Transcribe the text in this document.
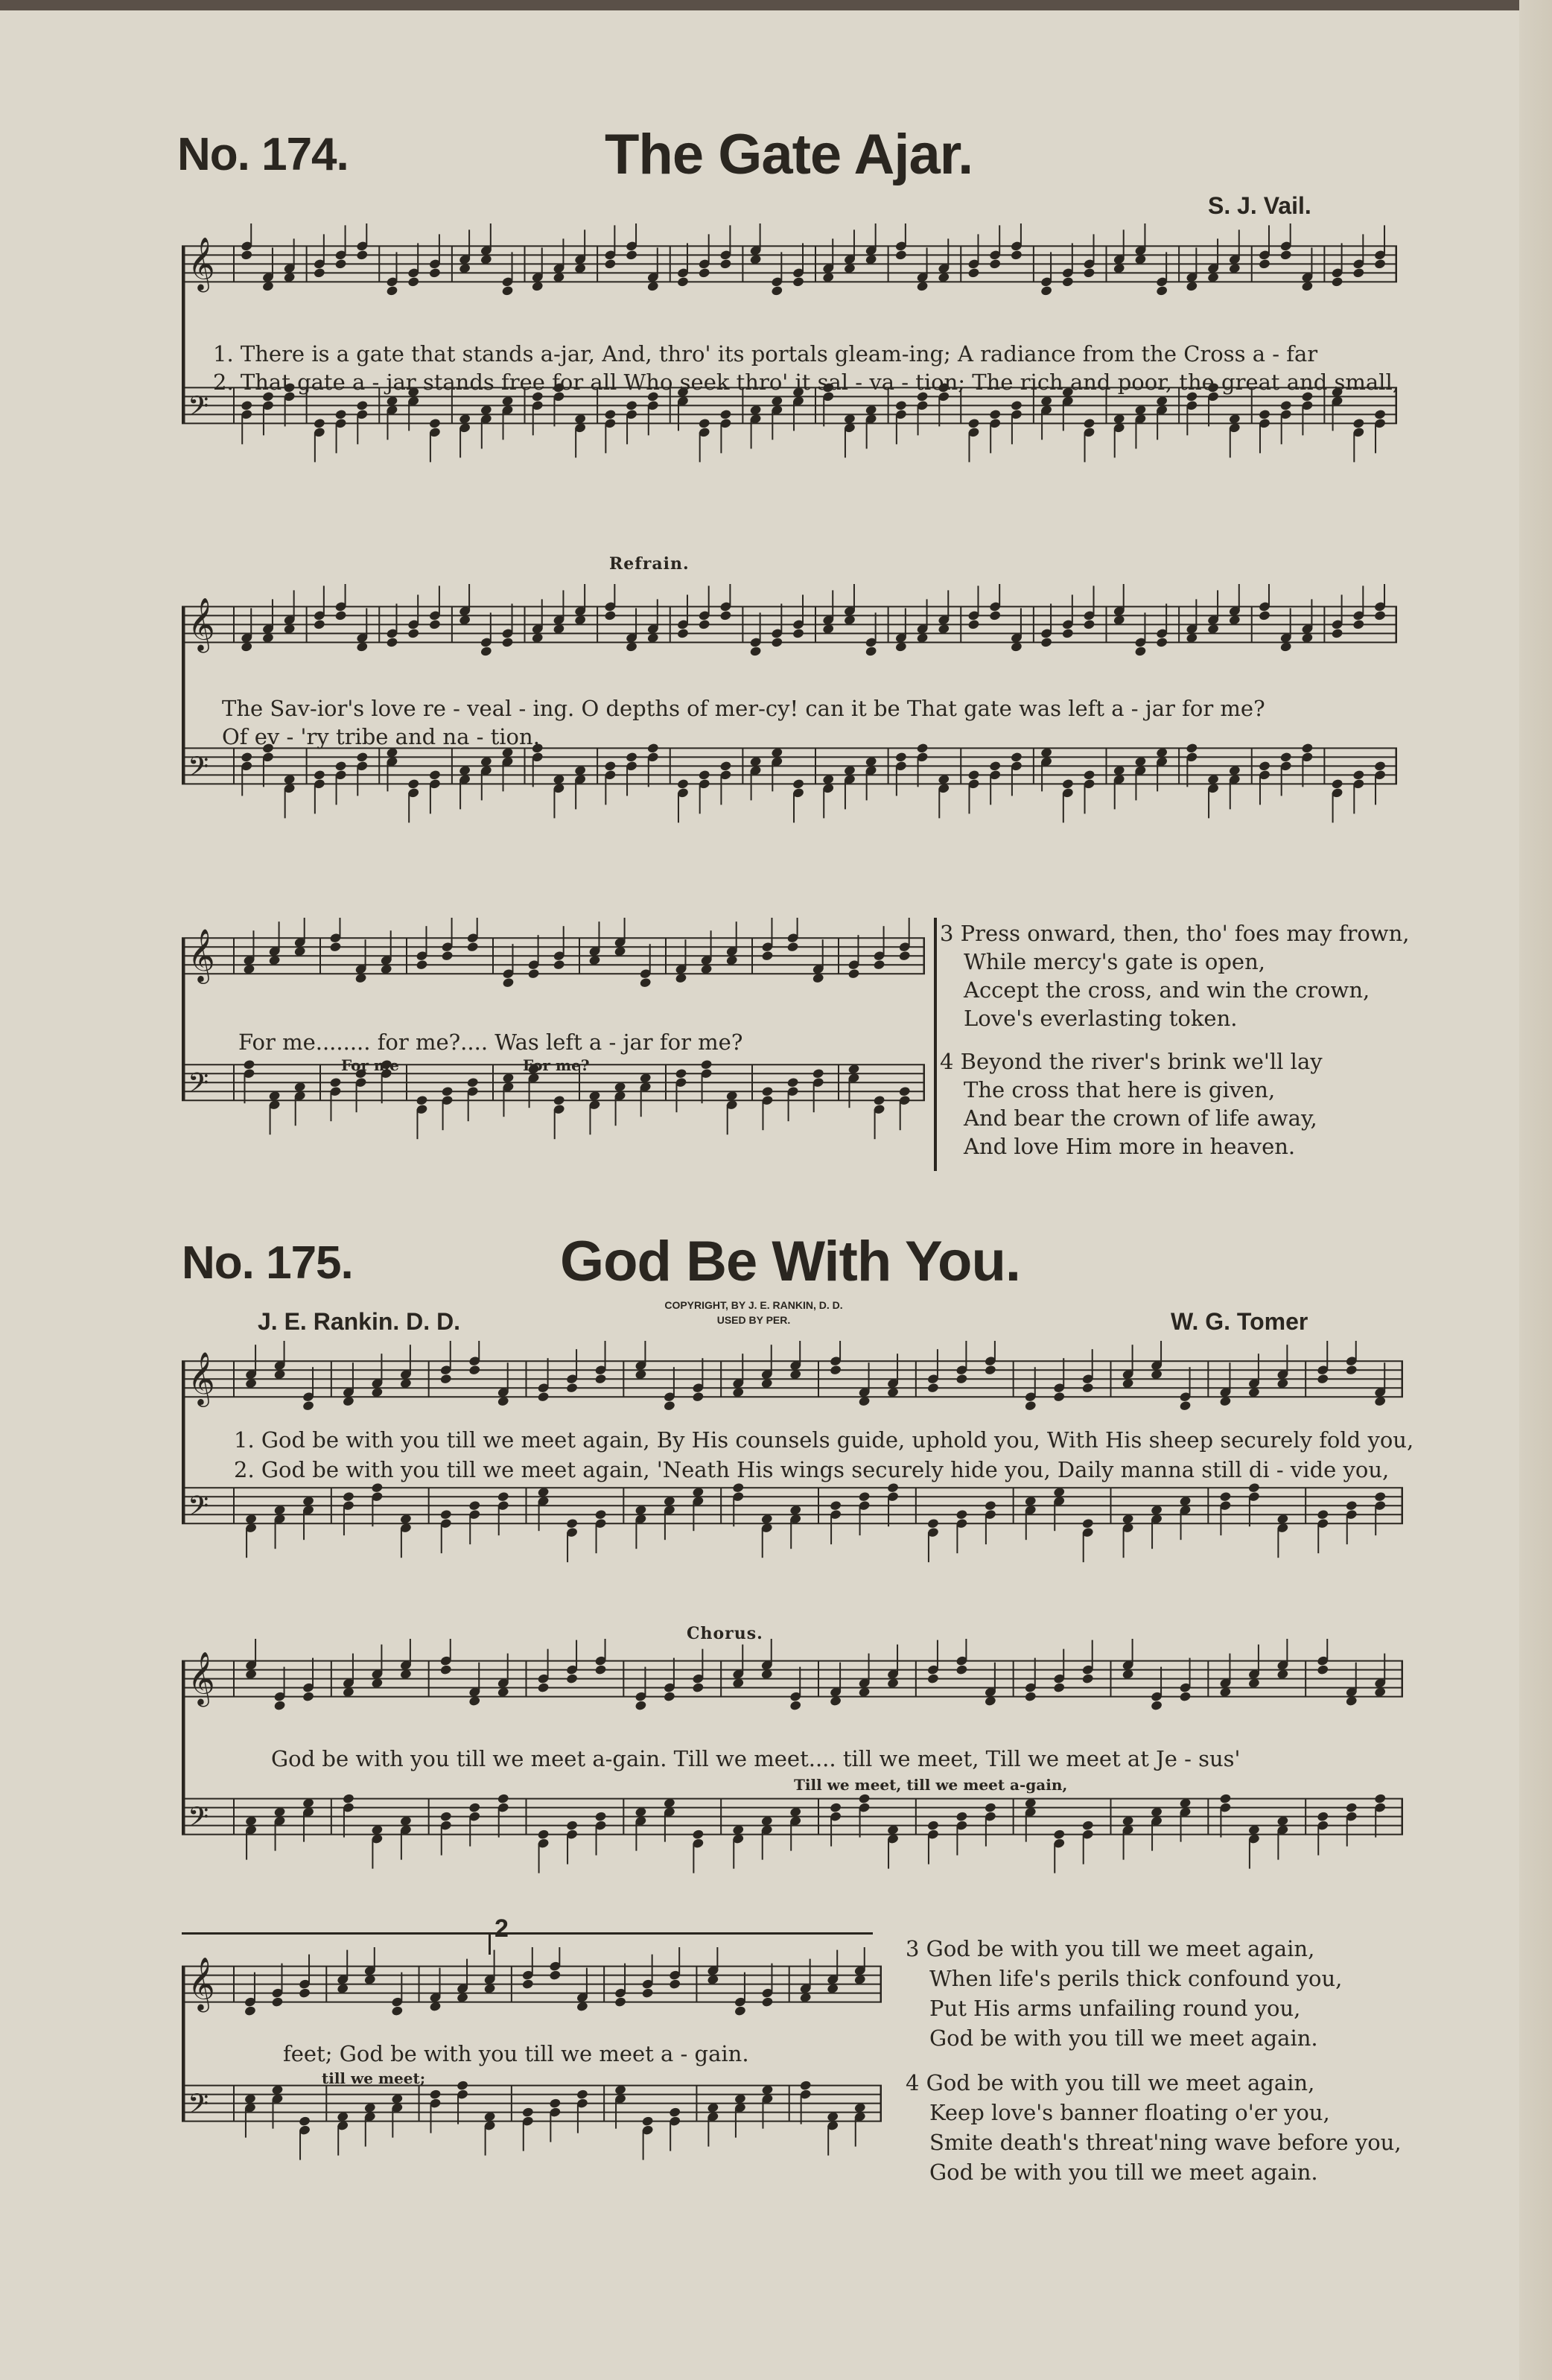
No. 174.	The Gate Ajar.
S. J. Vail.
𝄞
𝄢
1. There is a gate that stands a-jar, And, thro' its portals gleam-ing; A radiance from the Cross a - far
2. That gate a - jar stands free for all Who seek thro' it sal - va - tion; The rich and poor, the great and small,
Refrain.
𝄞
𝄢
The Sav-ior's love re - veal - ing. O depths of mer-cy! can it be That gate was left a - jar for me?
Of ev - 'ry tribe and na - tion.
𝄞
𝄢
For me........ for me?.... Was left a - jar for me?
For me	For me?
3 Press onward, then, tho' foes may frown,
While mercy's gate is open,
Accept the cross, and win the crown,
Love's everlasting token.
4 Beyond the river's brink we'll lay
The cross that here is given,
And bear the crown of life away,
And love Him more in heaven.
No. 175.	God Be With You.
J. E. Rankin. D. D.
COPYRIGHT, BY J. E. RANKIN, D. D.
USED BY PER.	W. G. Tomer
𝄞
𝄢
1. God be with you till we meet again, By His counsels guide, uphold you, With His sheep securely fold you,
2. God be with you till we meet again, 'Neath His wings securely hide you, Daily manna still di - vide you,
Chorus.
𝄞
𝄢
God be with you till we meet a-gain. Till we meet.... till we meet, Till we meet at Je - sus'
Till we meet, till we meet a-gain,
2
𝄞
𝄢
feet; God be with you till we meet a - gain.
till we meet;
3 God be with you till we meet again,
When life's perils thick confound you,
Put His arms unfailing round you,
God be with you till we meet again.
4 God be with you till we meet again,
Keep love's banner floating o'er you,
Smite death's threat'ning wave before you,
God be with you till we meet again.
